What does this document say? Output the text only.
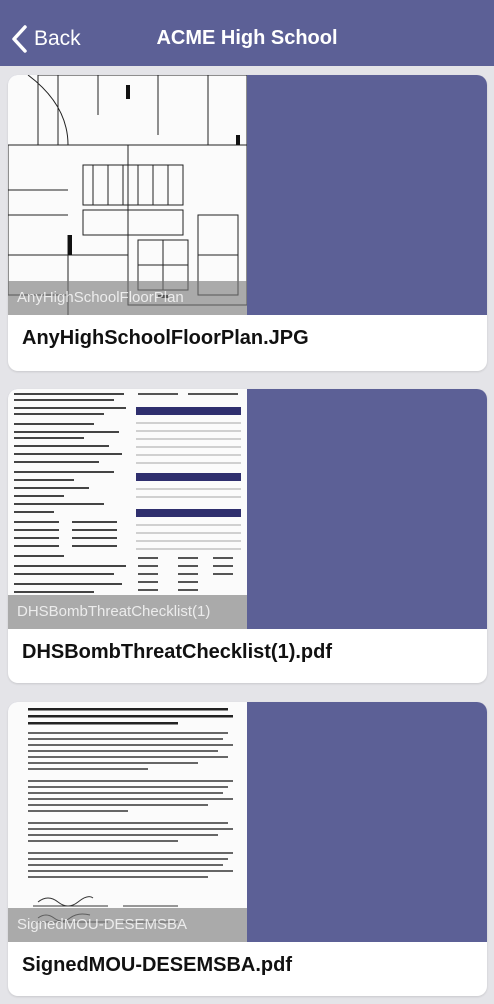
Back	ACME High School
AnyHighSchoolFloorPlan
AnyHighSchoolFloorPlan.JPG
DHSBombThreatChecklist(1)
DHSBombThreatChecklist(1).pdf
SignedMOU-DESEMSBA
SignedMOU-DESEMSBA.pdf
